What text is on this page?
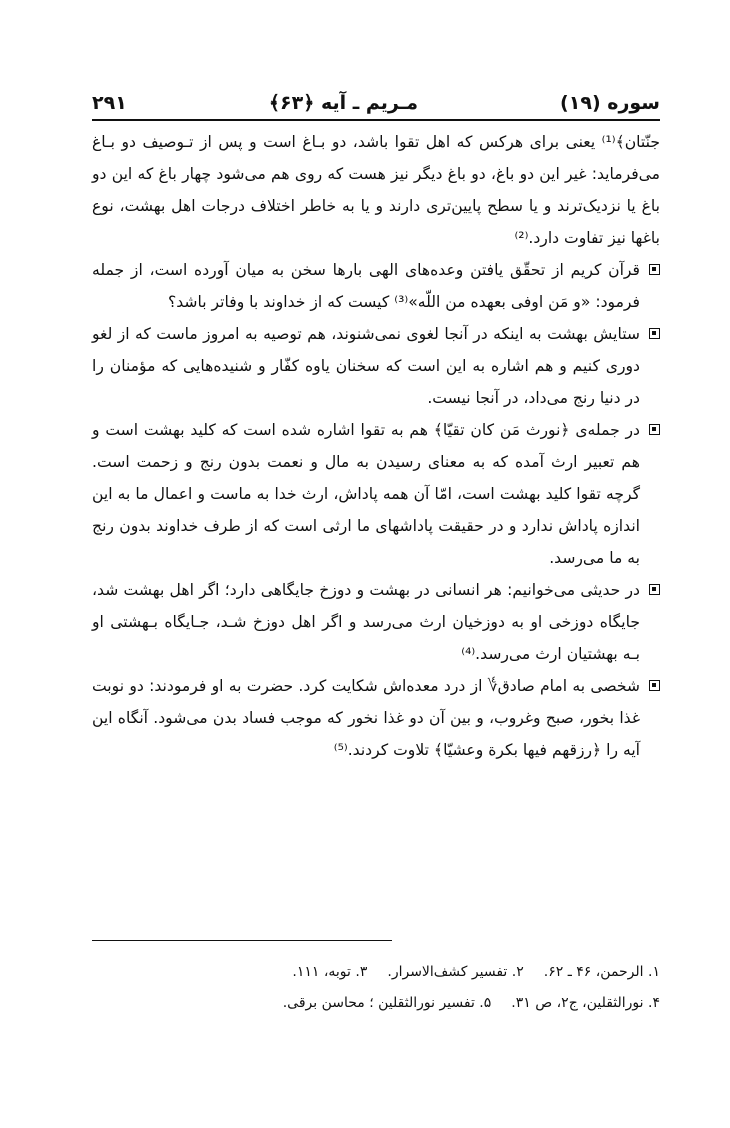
سوره (۱۹)
مـریم ـ آیه ﴿۶۳﴾
۲۹۱

جنّتان﴾⁽¹⁾ یعنی برای هرکس که اهل تقوا باشد، دو بـاغ است و پس از تـوصیف دو بـاغ می‌فرماید: غیر این دو باغ، دو باغ دیگر نیز هست که روی هم می‌شود چهار باغ که این دو باغ یا نزدیک‌ترند و یا سطح پایین‌تری دارند و یا به خاطر اختلاف درجات اهل بهشت، نوع باغها نیز تفاوت دارد.⁽²⁾

قرآن کریم از تحقّق یافتن وعده‌های الهی بارها سخن به میان آورده است، از جمله فرمود: «و مَن اوفی بعهده من اللّه»⁽³⁾ کیست که از خداوند با وفاتر باشد؟

ستایش بهشت به اینکه در آنجا لغوی نمی‌شنوند، هم توصیه به امروز ماست که از لغو دوری کنیم و هم اشاره به این است که سخنان یاوه کفّار و شنیده‌هایی که مؤمنان را در دنیا رنج می‌داد، در آنجا نیست.

در جمله‌ی ﴿نورث مَن کان تقیّا﴾ هم به تقوا اشاره شده است که کلید بهشت است و هم تعبیر ارث آمده که به معنای رسیدن به مال و نعمت بدون رنج و زحمت است. گرچه تقوا کلید بهشت است، امّا آن همه پاداش، ارث خدا به ماست و اعمال ما به این اندازه پاداش ندارد و در حقیقت پاداشهای ما ارثی است که از طرف خداوند بدون رنج به ما می‌رسد.

در حدیثی می‌خوانیم: هر انسانی در بهشت و دوزخ جایگاهی دارد؛ اگر اهل بهشت شد، جایگاه دوزخی او به دوزخیان ارث می‌رسد و اگر اهل دوزخ شـد، جـایگاه بـهشتی او بـه بهشتیان ارث می‌رسد.⁽⁴⁾

شخصی به امام صادق‌؇ از درد معده‌اش شکایت کرد. حضرت به او فرمودند: دو نوبت غذا بخور، صبح وغروب، و بین آن دو غذا نخور که موجب فساد بدن می‌شود. آنگاه این آیه را ﴿رزقهم فیها بکرة وعشیّا﴾ تلاوت کردند.⁽⁵⁾

۱. الرحمن، ۴۶ ـ ۶۲.
۲. تفسیر کشف‌الاسرار.
۳. توبه، ۱۱۱.
۴. نورالثقلین، ج۲، ص ۳۱.
۵. تفسیر نورالثقلین ؛ محاسن برقی.
